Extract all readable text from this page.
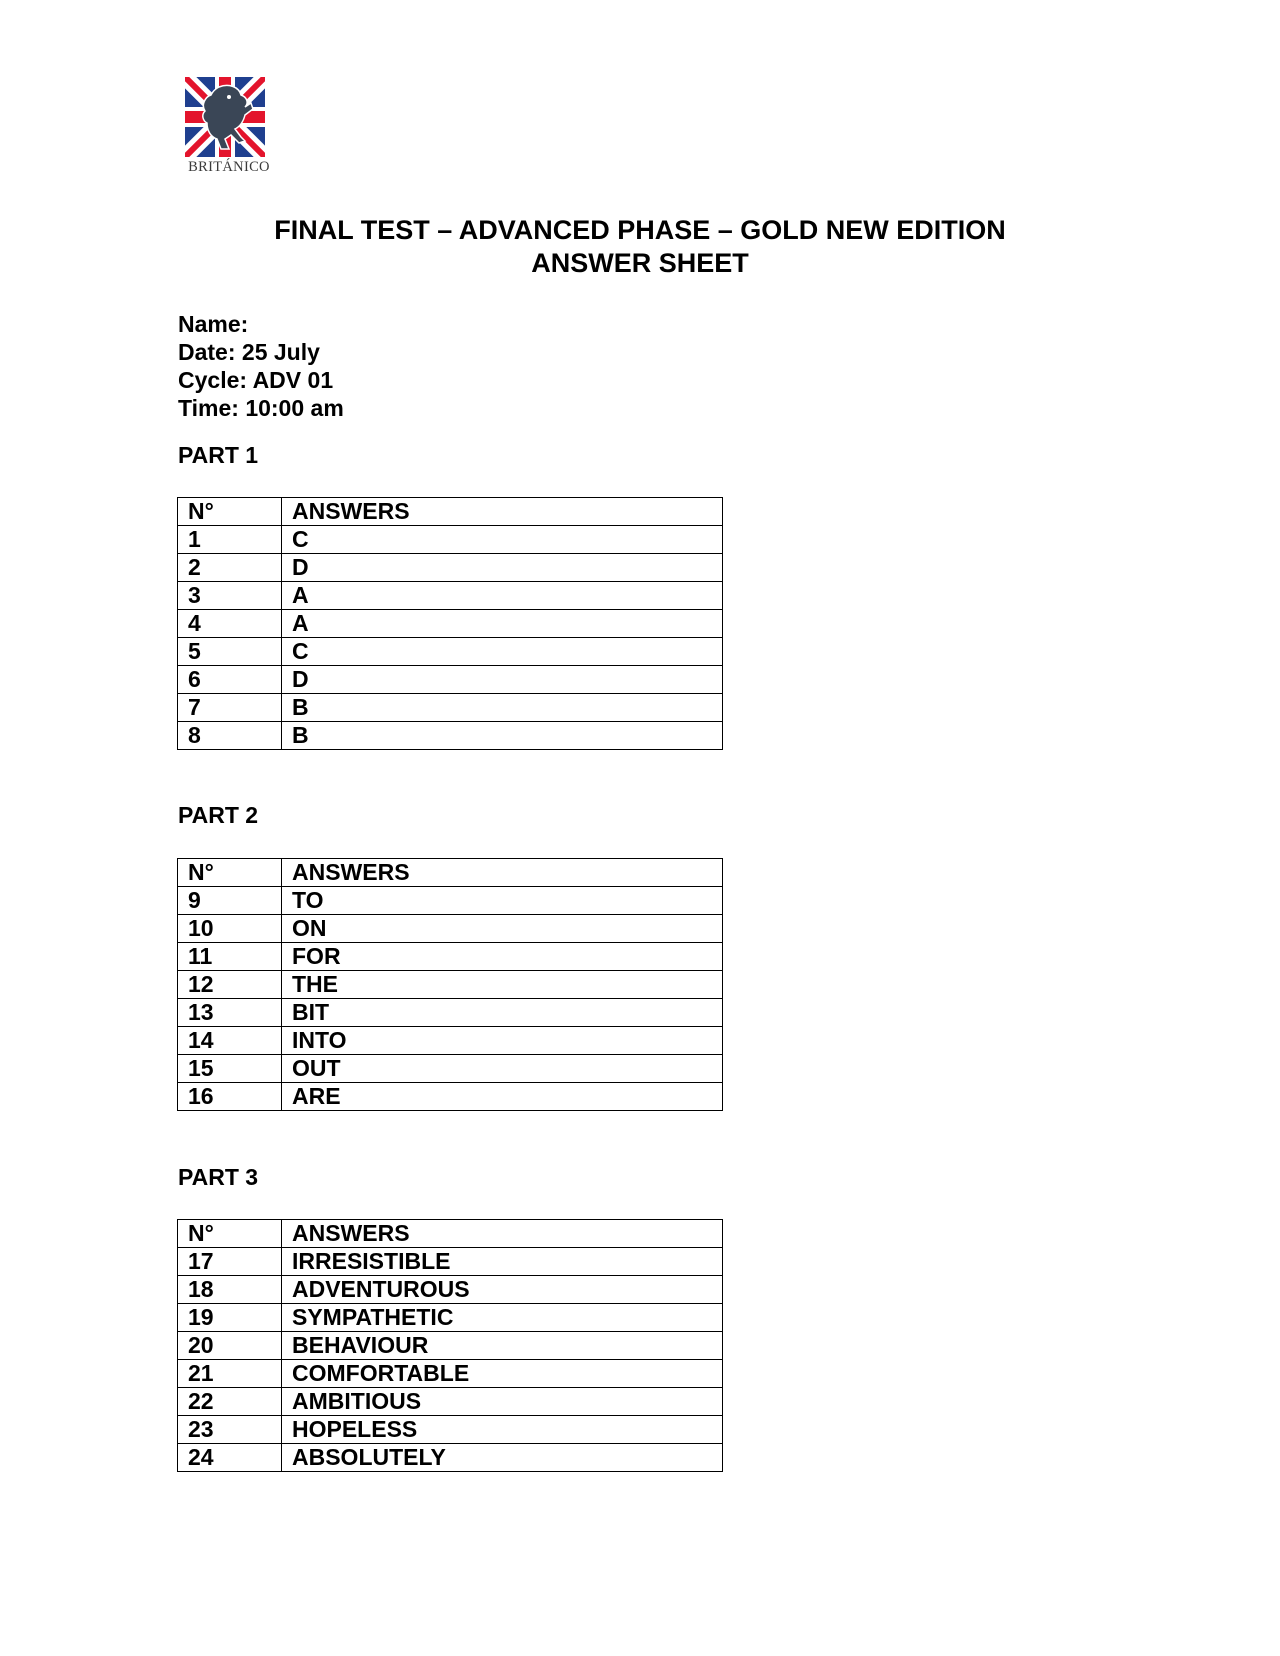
BRITÁNICO
FINAL TEST – ADVANCED PHASE – GOLD NEW EDITION
ANSWER SHEET
Name:
Date: 25 July
Cycle: ADV 01
Time: 10:00 am
PART 1
N°	ANSWERS
1	C
2	D
3	A
4	A
5	C
6	D
7	B
8	B
PART 2
N°	ANSWERS
9	TO
10	ON
11	FOR
12	THE
13	BIT
14	INTO
15	OUT
16	ARE
PART 3
N°	ANSWERS
17	IRRESISTIBLE
18	ADVENTUROUS
19	SYMPATHETIC
20	BEHAVIOUR
21	COMFORTABLE
22	AMBITIOUS
23	HOPELESS
24	ABSOLUTELY
